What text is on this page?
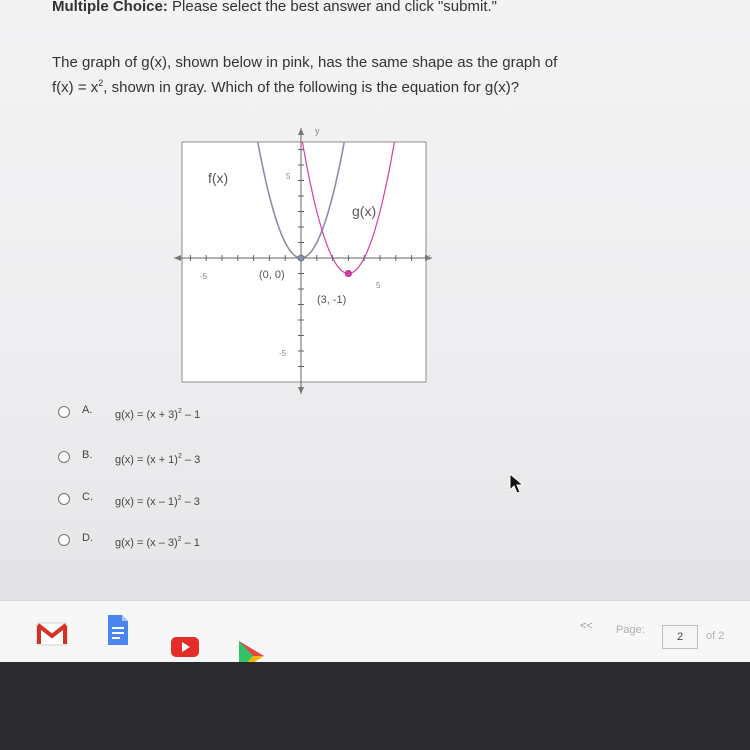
Multiple Choice: Please select the best answer and click "submit."
The graph of g(x), shown below in pink, has the same shape as the graph of
$f(x) = x^2$, shown in gray. Which of the following is the equation for g(x)?
x
y
f(x)
g(x)
-5
5
5
-5
(0, 0)
(3, -1)
A. $g(x) = (x + 3)^2 - 1$
B. $g(x) = (x + 1)^2 - 3$
C. g(x) = (x – 1)$^2$ – 3
D. g(x) = (x – 3)$^2$ – 1
<< Page:
2	of 2
